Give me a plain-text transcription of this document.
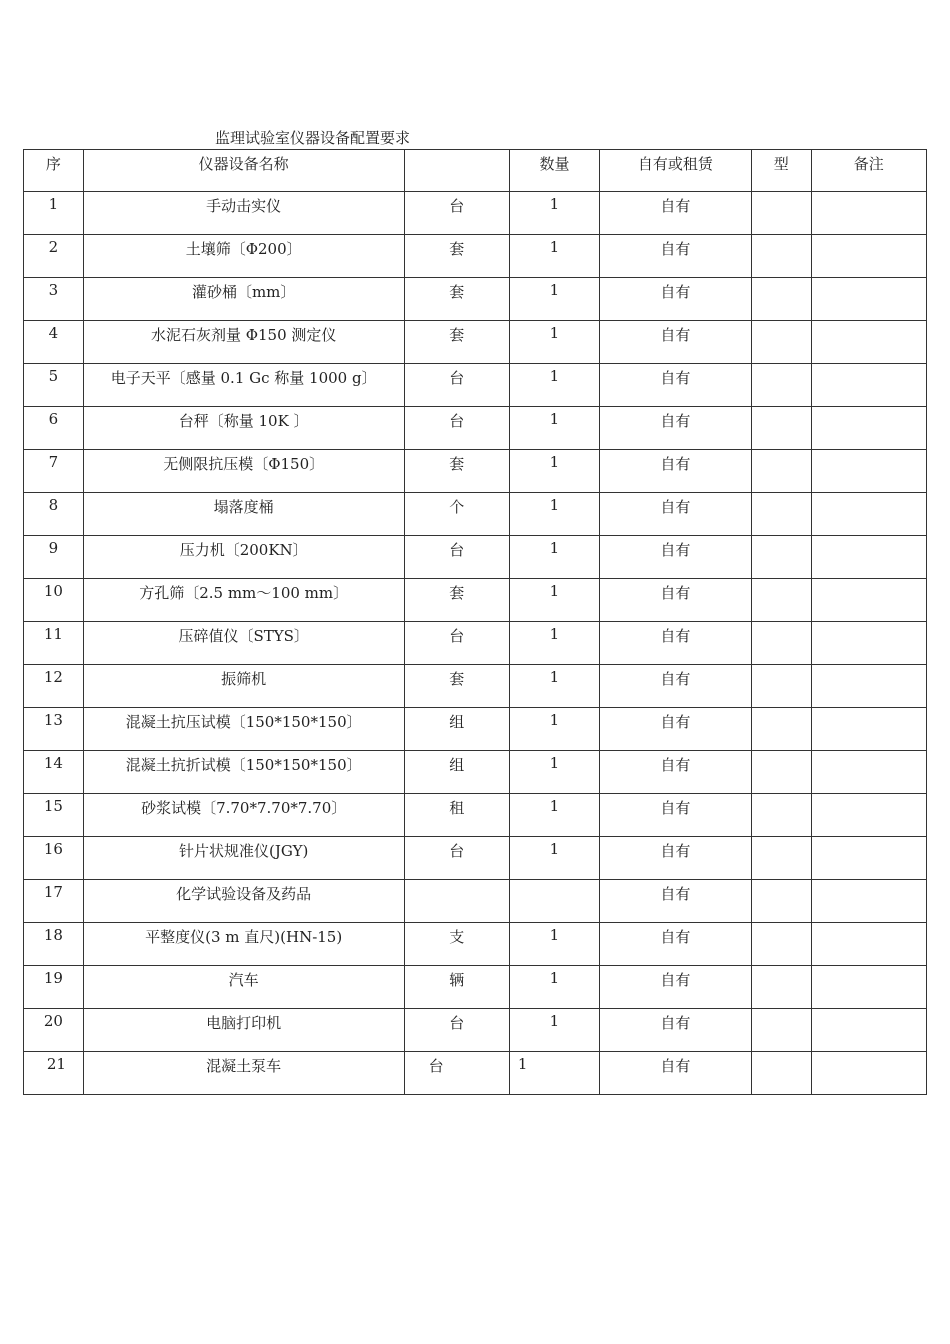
监理试验室仪器设备配置要求
序	仪器设备名称		数量	自有或租赁	型	备注
1	手动击实仪	台	1	自有		
2	土壤筛〔Φ200〕	套	1	自有		
3	灌砂桶〔mm〕	套	1	自有		
4	水泥石灰剂量 Φ150 测定仪	套	1	自有		
5	电子天平〔感量 0.1 Gc 称量 1000 g〕	台	1	自有		
6	台秤〔称量 10K 〕	台	1	自有		
7	无侧限抗压模〔Φ150〕	套	1	自有		
8	塌落度桶	个	1	自有		
9	压力机〔200KN〕	台	1	自有		
10	方孔筛〔2.5 mm～100 mm〕	套	1	自有		
11	压碎值仪〔STYS〕	台	1	自有		
12	振筛机	套	1	自有		
13	混凝土抗压试模〔150*150*150〕	组	1	自有		
14	混凝土抗折试模〔150*150*150〕	组	1	自有		
15	砂浆试模〔7.70*7.70*7.70〕	租	1	自有		
16	针片状规准仪(JGY)	台	1	自有		
17	化学试验设备及药品			自有		
18	平整度仪(3 m 直尺)(HN-15)	支	1	自有		
19	汽车	辆	1	自有		
20	电脑打印机	台	1	自有		
21	混凝土泵车	台	1	自有		
